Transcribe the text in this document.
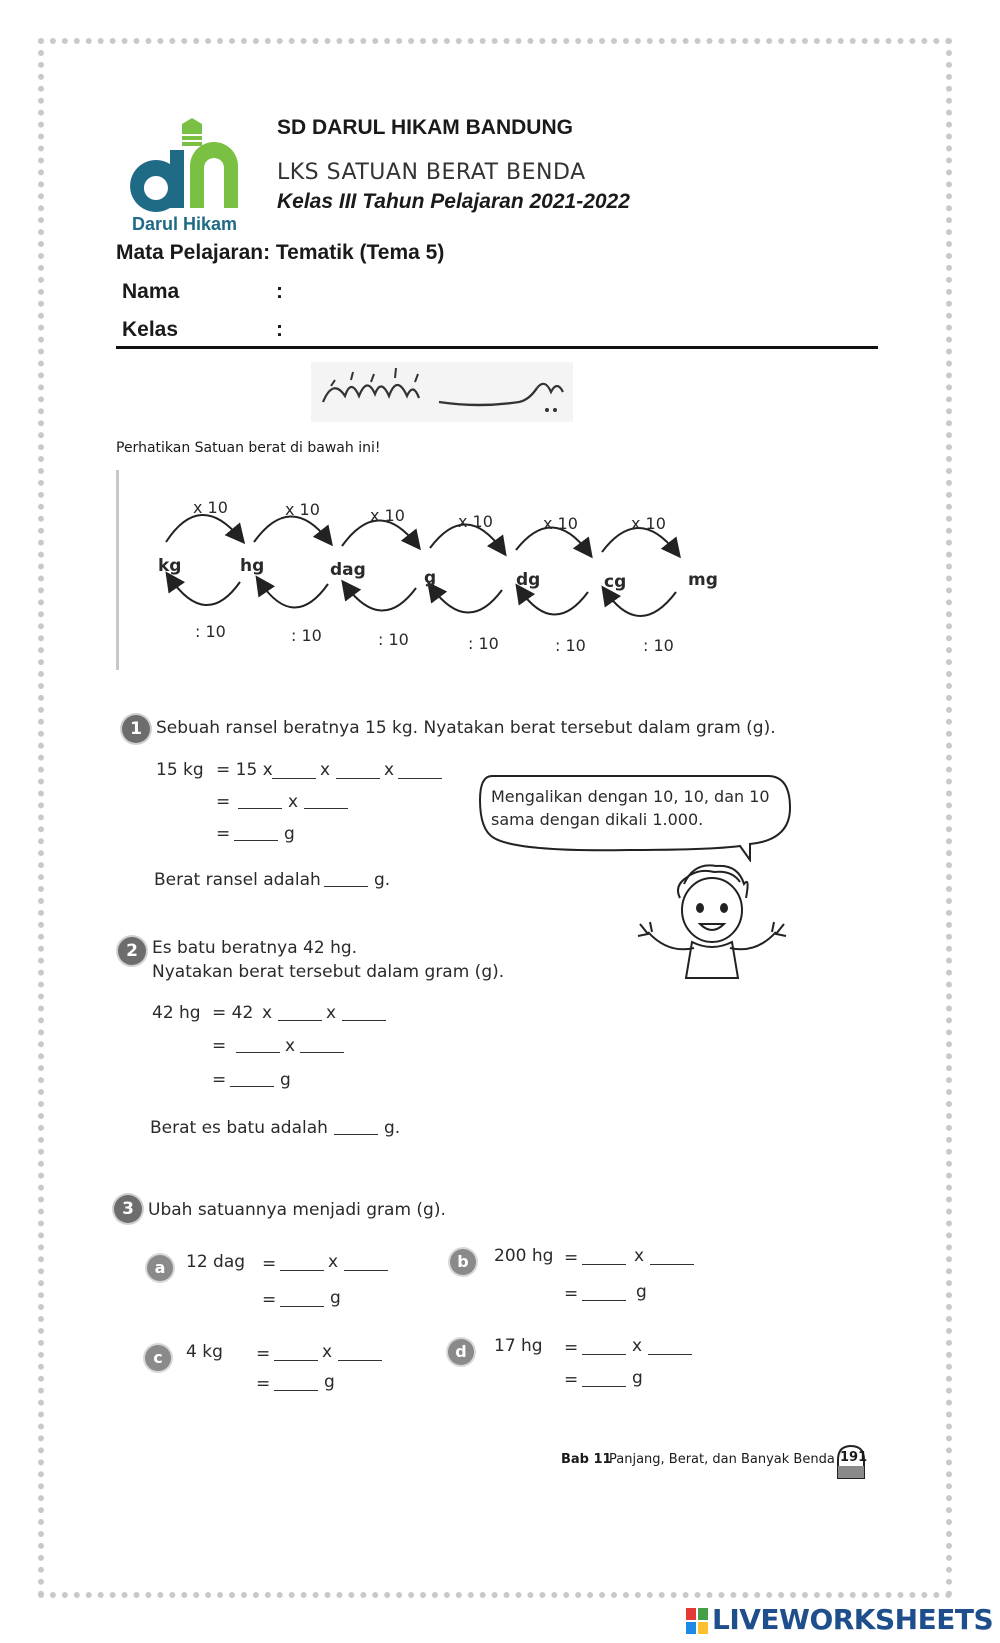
Darul Hikam
SD DARUL HIKAM BANDUNG
LKS SATUAN BERAT BENDA
Kelas III Tahun Pelajaran 2021-2022
Mata Pelajaran: Tematik (Tema 5)
Nama	:
Kelas	:
Perhatikan Satuan berat di bawah ini!
kg	hg	dag	g	dg	cg	mg
x 10	x 10	x 10	x 10	x 10	x 10
: 10	: 10	: 10	: 10	: 10	: 10
1 Sebuah ransel beratnya 15 kg. Nyatakan berat tersebut dalam gram (g).
15 kg = 15 x	x	x
=	x
=	g
Berat ransel adalah	g.
Mengalikan dengan 10, 10, dan 10 sama dengan dikali 1.000.
2 Es batu beratnya 42 hg.
Nyatakan berat tersebut dalam gram (g).
42 hg = 42 x	x
=	x
=	g
Berat es batu adalah	g.
3 Ubah satuannya menjadi gram (g).
a	12 dag =	x
=	g
b	200 hg =	x
=	g
c	4 kg =	x
=	g
d	17 hg =	x
=	g
Bab 11
Panjang, Berat, dan Banyak Benda 191
LIVEWORKSHEETS
